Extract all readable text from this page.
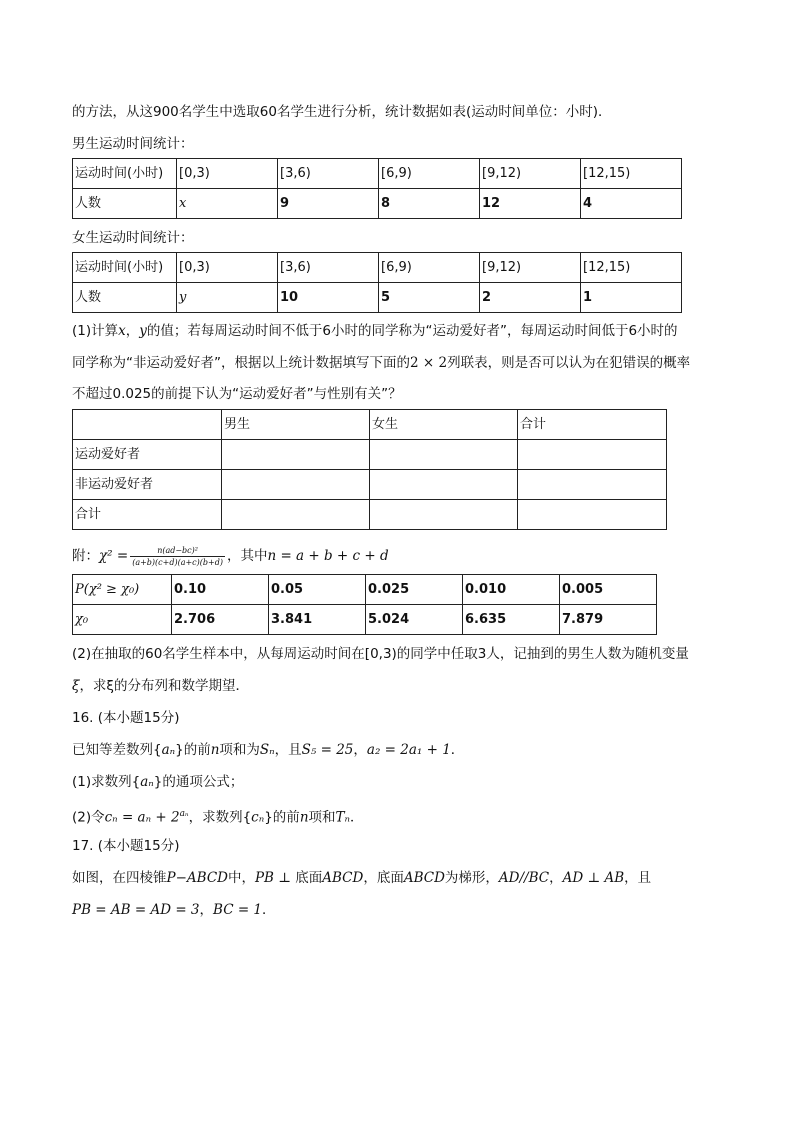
的方法，从这900名学生中选取60名学生进行分析，统计数据如表(运动时间单位：小时)．
男生运动时间统计：
运动时间(小时)	[0,3)	[3,6)	[6,9)	[9,12)	[12,15)
人数	x	9	8	12	4
女生运动时间统计：
运动时间(小时)	[0,3)	[3,6)	[6,9)	[9,12)	[12,15)
人数	y	10	5	2	1
(1)计算x，y的值；若每周运动时间不低于6小时的同学称为“运动爱好者”，每周运动时间低于6小时的
同学称为“非运动爱好者”，根据以上统计数据填写下面的2 × 2列联表，则是否可以认为在犯错误的概率
不超过0.025的前提下认为“运动爱好者”与性别有关”？
	男生	女生	合计
运动爱好者			
非运动爱好者			
合计			
附：$\chi^2 = \frac{\text{n(ad−bc)²}}{(a+b)(c+d)(a+c)(b+d)}$ ，其中n = a + b + c + d
P(χ² ≥ χ₀)	0.10	0.05	0.025	0.010	0.005
χ₀	2.706	3.841	5.024	6.635	7.879
(2)在抽取的60名学生样本中，从每周运动时间在[0,3)的同学中任取3人，记抽到的男生人数为随机变量
ξ，求ξ的分布列和数学期望．
16. (本小题15分)
已知等差数列{aₙ}的前n项和为Sₙ，且S₅ = 25，a₂ = 2a₁ + 1．
(1)求数列{aₙ}的通项公式；
(2)令$c_n = a_n + 2^{a_n}$，求数列{cₙ}的前n项和Tₙ．
17. (本小题15分)
如图，在四棱锥P−ABCD中，PB ⊥ 底面ABCD，底面ABCD为梯形，AD//BC，AD ⊥ AB，且
PB = AB = AD = 3，BC = 1．
